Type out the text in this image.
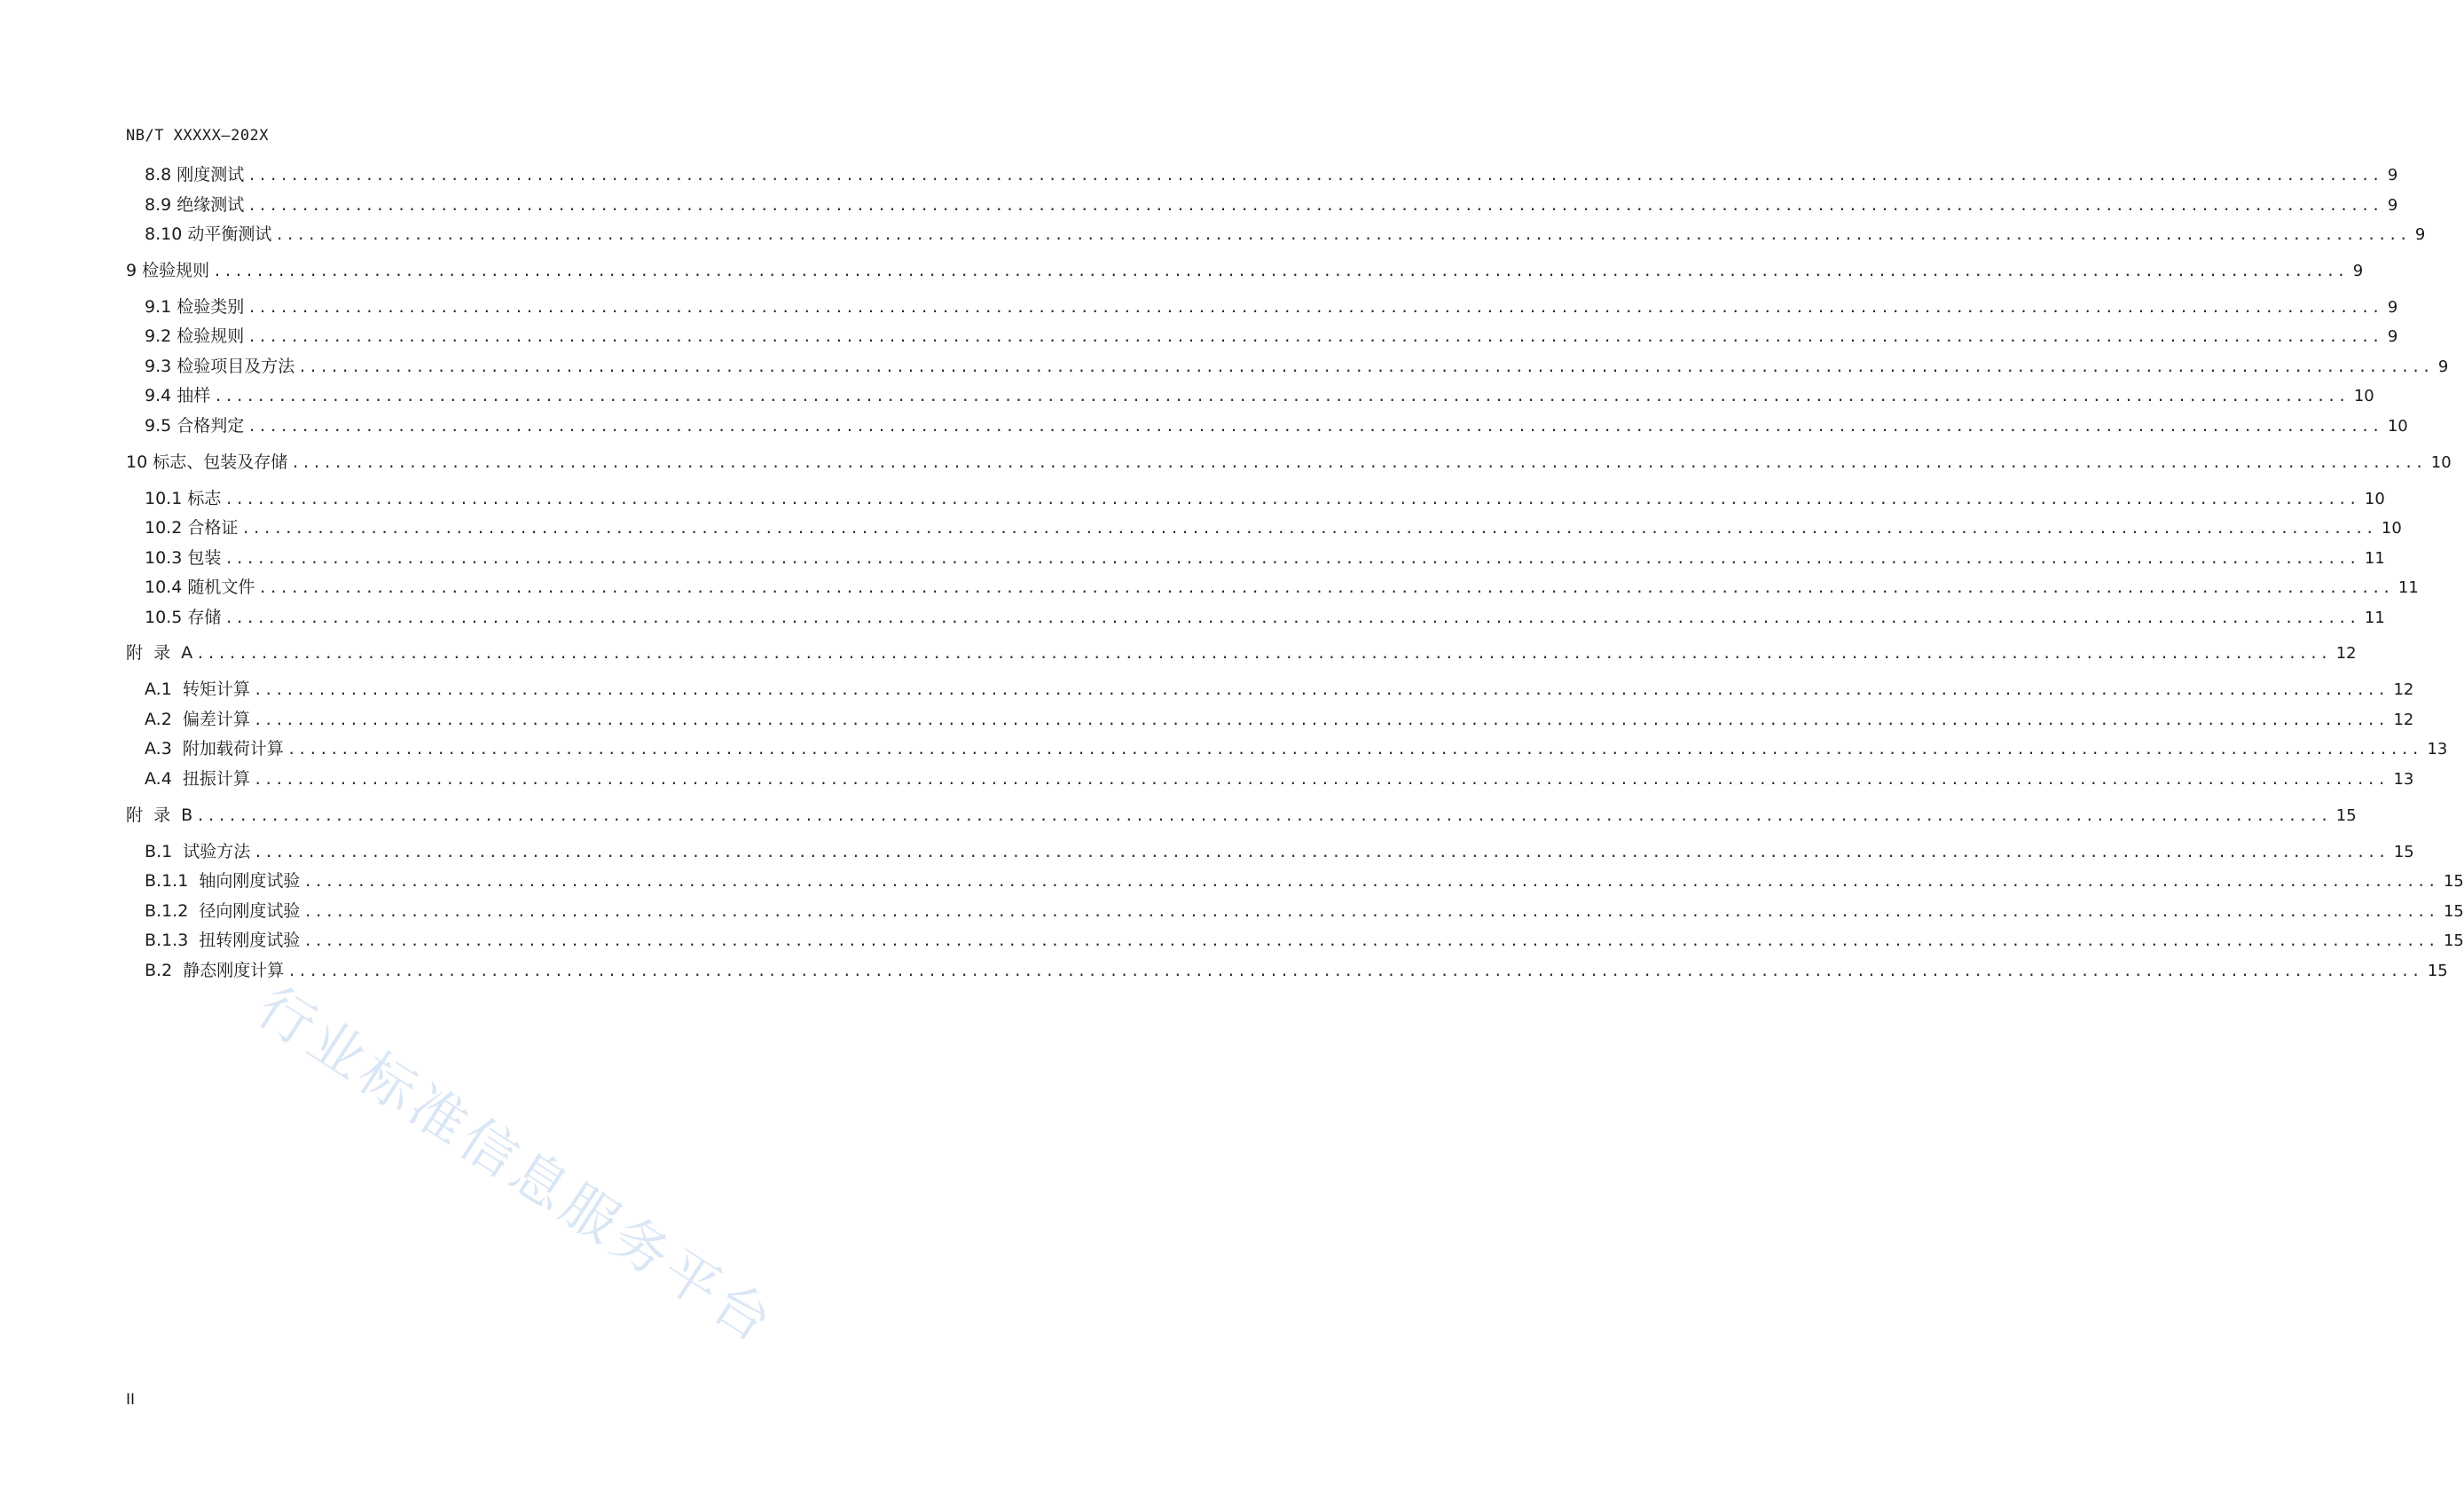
NB/T XXXXX—202X
8.8 刚度测试 ........................................................................................................................................................................................................ 9
8.9 绝缘测试 ........................................................................................................................................................................................................ 9
8.10 动平衡测试 ........................................................................................................................................................................................................ 9
9 检验规则 ........................................................................................................................................................................................................ 9
9.1 检验类别 ........................................................................................................................................................................................................ 9
9.2 检验规则 ........................................................................................................................................................................................................ 9
9.3 检验项目及方法 ........................................................................................................................................................................................................ 9
9.4 抽样 ........................................................................................................................................................................................................ 10
9.5 合格判定 ........................................................................................................................................................................................................ 10
10 标志、包装及存储 ........................................................................................................................................................................................................ 10
10.1 标志 ........................................................................................................................................................................................................ 10
10.2 合格证 ........................................................................................................................................................................................................ 10
10.3 包装 ........................................................................................................................................................................................................ 11
10.4 随机文件 ........................................................................................................................................................................................................ 11
10.5 存储 ........................................................................................................................................................................................................ 11
附  录  A ........................................................................................................................................................................................................ 12
A.1  转矩计算 ........................................................................................................................................................................................................ 12
A.2  偏差计算 ........................................................................................................................................................................................................ 12
A.3  附加载荷计算 ........................................................................................................................................................................................................ 13
A.4  扭振计算 ........................................................................................................................................................................................................ 13
附  录  B ........................................................................................................................................................................................................ 15
B.1  试验方法 ........................................................................................................................................................................................................ 15
B.1.1  轴向刚度试验 ........................................................................................................................................................................................................ 15
B.1.2  径向刚度试验 ........................................................................................................................................................................................................ 15
B.1.3  扭转刚度试验 ........................................................................................................................................................................................................ 15
B.2  静态刚度计算 ........................................................................................................................................................................................................ 15
行业标准信息服务平台
II
